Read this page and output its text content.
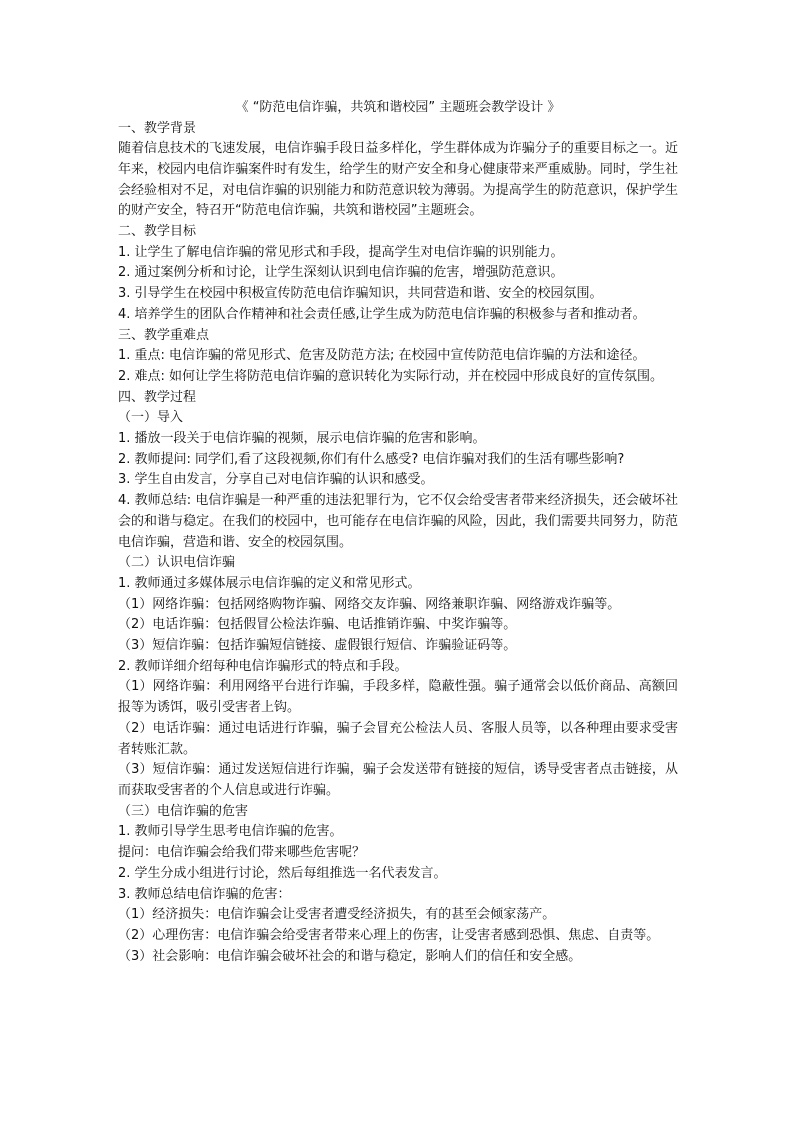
《 “防范电信诈骗，共筑和谐校园” 主题班会教学设计 》
一、教学背景
随着信息技术的飞速发展，电信诈骗手段日益多样化，学生群体成为诈骗分子的重要目标之一。近年来，校园内电信诈骗案件时有发生，给学生的财产安全和身心健康带来严重威胁。同时，学生社会经验相对不足，对电信诈骗的识别能力和防范意识较为薄弱。为提高学生的防范意识，保护学生的财产安全，特召开“防范电信诈骗，共筑和谐校园”主题班会。
二、教学目标
1. 让学生了解电信诈骗的常见形式和手段，提高学生对电信诈骗的识别能力。
2. 通过案例分析和讨论，让学生深刻认识到电信诈骗的危害，增强防范意识。
3. 引导学生在校园中积极宣传防范电信诈骗知识，共同营造和谐、安全的校园氛围。
4. 培养学生的团队合作精神和社会责任感,让学生成为防范电信诈骗的积极参与者和推动者。
三、教学重难点
1. 重点: 电信诈骗的常见形式、危害及防范方法; 在校园中宣传防范电信诈骗的方法和途径。
2. 难点: 如何让学生将防范电信诈骗的意识转化为实际行动，并在校园中形成良好的宣传氛围。
四、教学过程
（一）导入
1. 播放一段关于电信诈骗的视频，展示电信诈骗的危害和影响。
2. 教师提问: 同学们,看了这段视频,你们有什么感受? 电信诈骗对我们的生活有哪些影响?
3. 学生自由发言，分享自己对电信诈骗的认识和感受。
4. 教师总结: 电信诈骗是一种严重的违法犯罪行为，它不仅会给受害者带来经济损失，还会破坏社会的和谐与稳定。在我们的校园中，也可能存在电信诈骗的风险，因此，我们需要共同努力，防范电信诈骗，营造和谐、安全的校园氛围。
（二）认识电信诈骗
1. 教师通过多媒体展示电信诈骗的定义和常见形式。
（1）网络诈骗：包括网络购物诈骗、网络交友诈骗、网络兼职诈骗、网络游戏诈骗等。
（2）电话诈骗：包括假冒公检法诈骗、电话推销诈骗、中奖诈骗等。
（3）短信诈骗：包括诈骗短信链接、虚假银行短信、诈骗验证码等。
2. 教师详细介绍每种电信诈骗形式的特点和手段。
（1）网络诈骗：利用网络平台进行诈骗，手段多样，隐蔽性强。骗子通常会以低价商品、高额回报等为诱饵，吸引受害者上钩。
（2）电话诈骗：通过电话进行诈骗，骗子会冒充公检法人员、客服人员等，以各种理由要求受害者转账汇款。
（3）短信诈骗：通过发送短信进行诈骗，骗子会发送带有链接的短信，诱导受害者点击链接，从而获取受害者的个人信息或进行诈骗。
（三）电信诈骗的危害
1. 教师引导学生思考电信诈骗的危害。
提问：电信诈骗会给我们带来哪些危害呢？
2. 学生分成小组进行讨论，然后每组推选一名代表发言。
3. 教师总结电信诈骗的危害：
（1）经济损失：电信诈骗会让受害者遭受经济损失，有的甚至会倾家荡产。
（2）心理伤害：电信诈骗会给受害者带来心理上的伤害，让受害者感到恐惧、焦虑、自责等。
（3）社会影响：电信诈骗会破坏社会的和谐与稳定，影响人们的信任和安全感。
